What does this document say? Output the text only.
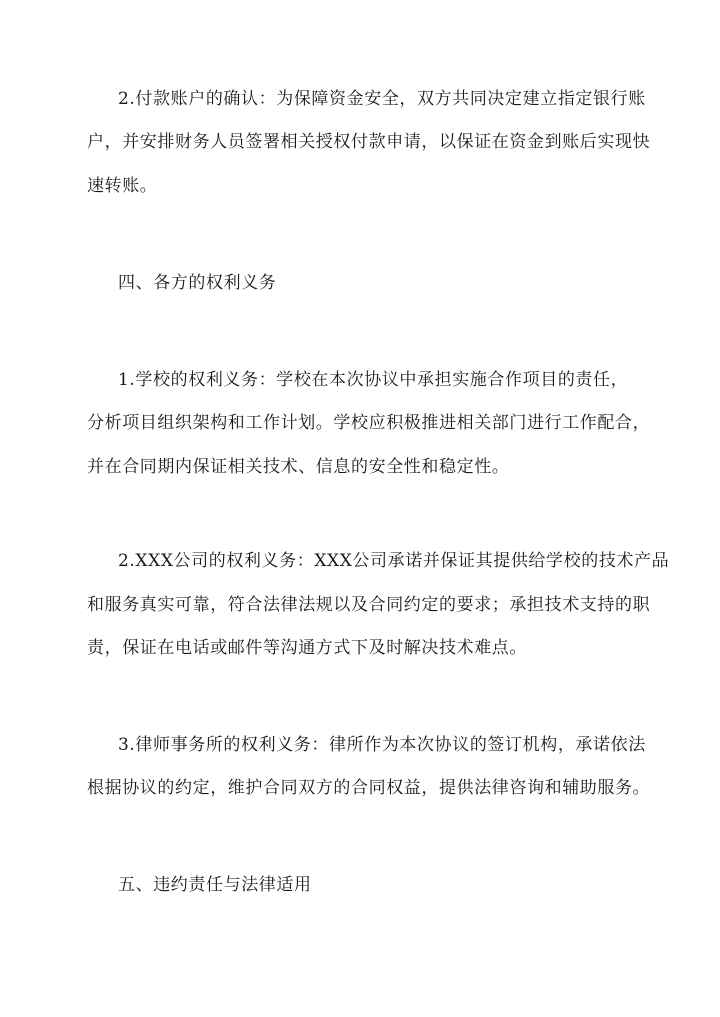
2.付款账户的确认：为保障资金安全，双方共同决定建立指定银行账
户，并安排财务人员签署相关授权付款申请，以保证在资金到账后实现快
速转账。
四、各方的权利义务
1.学校的权利义务：学校在本次协议中承担实施合作项目的责任，
分析项目组织架构和工作计划。学校应积极推进相关部门进行工作配合，
并在合同期内保证相关技术、信息的安全性和稳定性。
2.XXX公司的权利义务：XXX公司承诺并保证其提供给学校的技术产品
和服务真实可靠，符合法律法规以及合同约定的要求；承担技术支持的职
责，保证在电话或邮件等沟通方式下及时解决技术难点。
3.律师事务所的权利义务：律所作为本次协议的签订机构，承诺依法
根据协议的约定，维护合同双方的合同权益，提供法律咨询和辅助服务。
五、违约责任与法律适用
